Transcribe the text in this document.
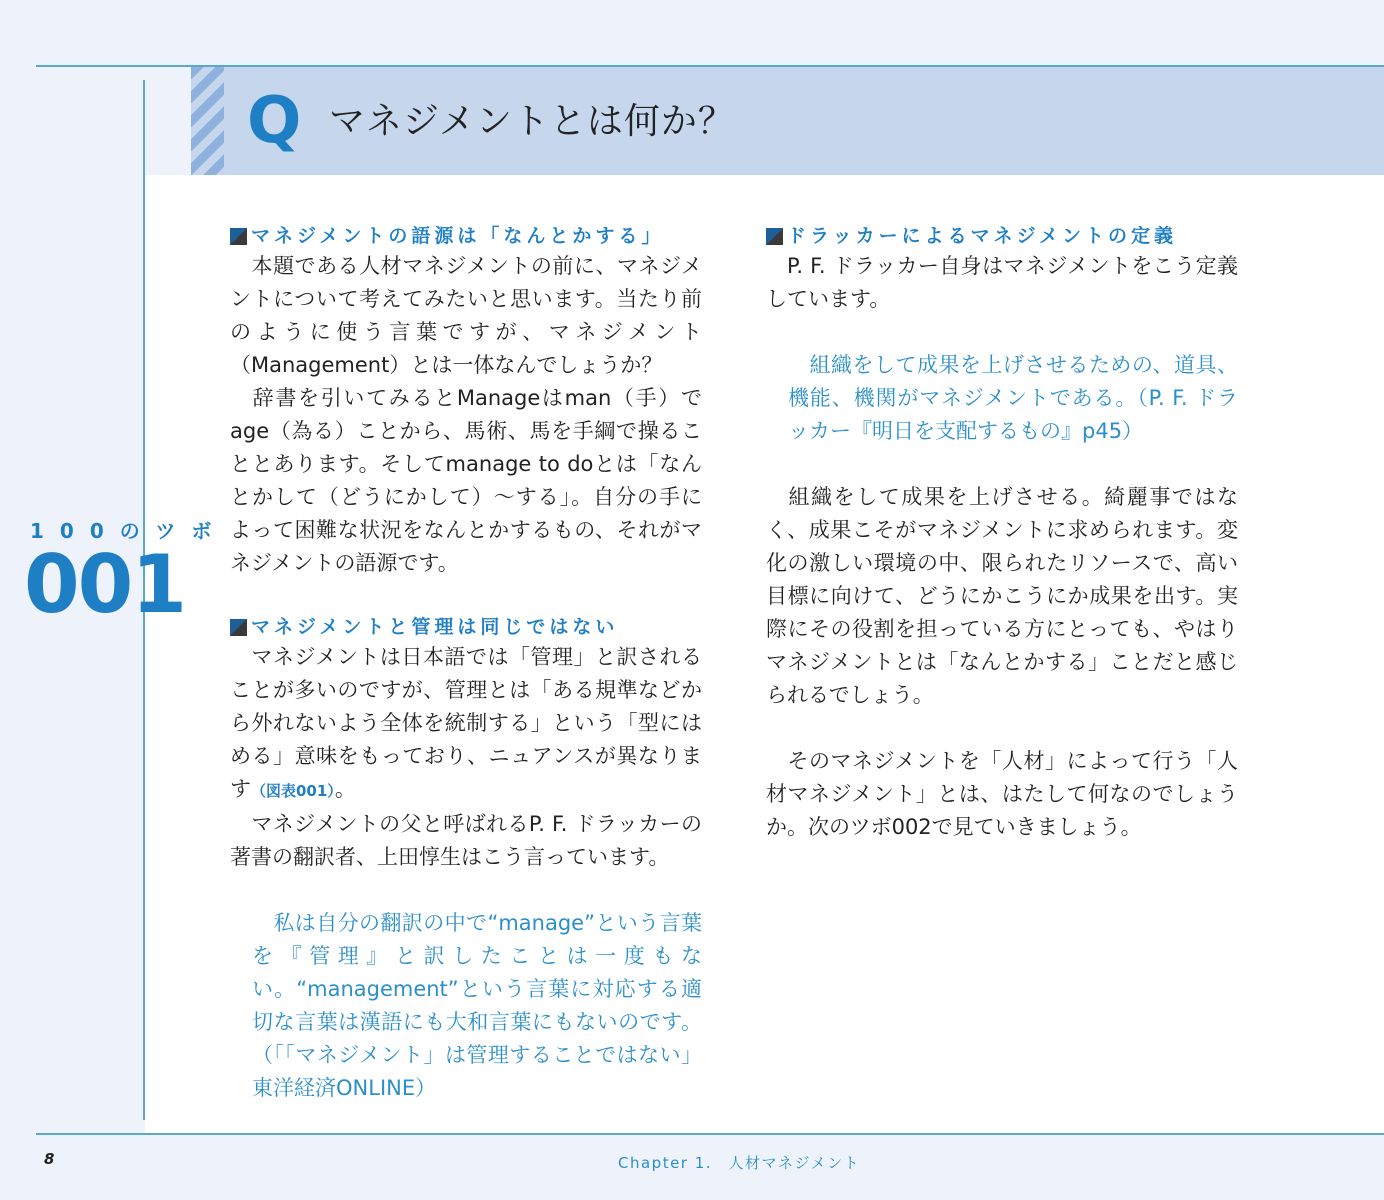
Q マネジメントとは何か？
100のツボ
001
マネジメントの語源は「なんとかする」

 本題である人材マネジメントの前に、マネジメントについて考えてみたいと思います。当たり前のように使う言葉ですが、マネジメント（Management）とは一体なんでしょうか？

 辞書を引いてみるとManageはman（手）でage（為る）ことから、馬術、馬を手綱で操ることとあります。そしてmanage to doとは「なんとかして（どうにかして）～する」。自分の手によって困難な状況をなんとかするもの、それがマネジメントの語源です。

マネジメントと管理は同じではない

 マネジメントは日本語では「管理」と訳されることが多いのですが、管理とは「ある規準などから外れないよう全体を統制する」という「型にはめる」意味をもっており、ニュアンスが異なります（図表001）。

 マネジメントの父と呼ばれるP. F. ドラッカーの著書の翻訳者、上田惇生はこう言っています。

 私は自分の翻訳の中で“manage”という言葉を『管理』と訳したことは一度もない。“management”という言葉に対応する適切な言葉は漢語にも大和言葉にもないのです。（「「マネジメント」は管理することではない」東洋経済ONLINE）

ドラッカーによるマネジメントの定義

 P. F. ドラッカー自身はマネジメントをこう定義しています。

 組織をして成果を上げさせるための、道具、機能、機関がマネジメントである。（P. F. ドラッカー『明日を支配するもの』p45）

 組織をして成果を上げさせる。綺麗事ではなく、成果こそがマネジメントに求められます。変化の激しい環境の中、限られたリソースで、高い目標に向けて、どうにかこうにか成果を出す。実際にその役割を担っている方にとっても、やはりマネジメントとは「なんとかする」ことだと感じられるでしょう。

 そのマネジメントを「人材」によって行う「人材マネジメント」とは、はたして何なのでしょうか。次のツボ002で見ていきましょう。

8	Chapter 1.　人材マネジメント
